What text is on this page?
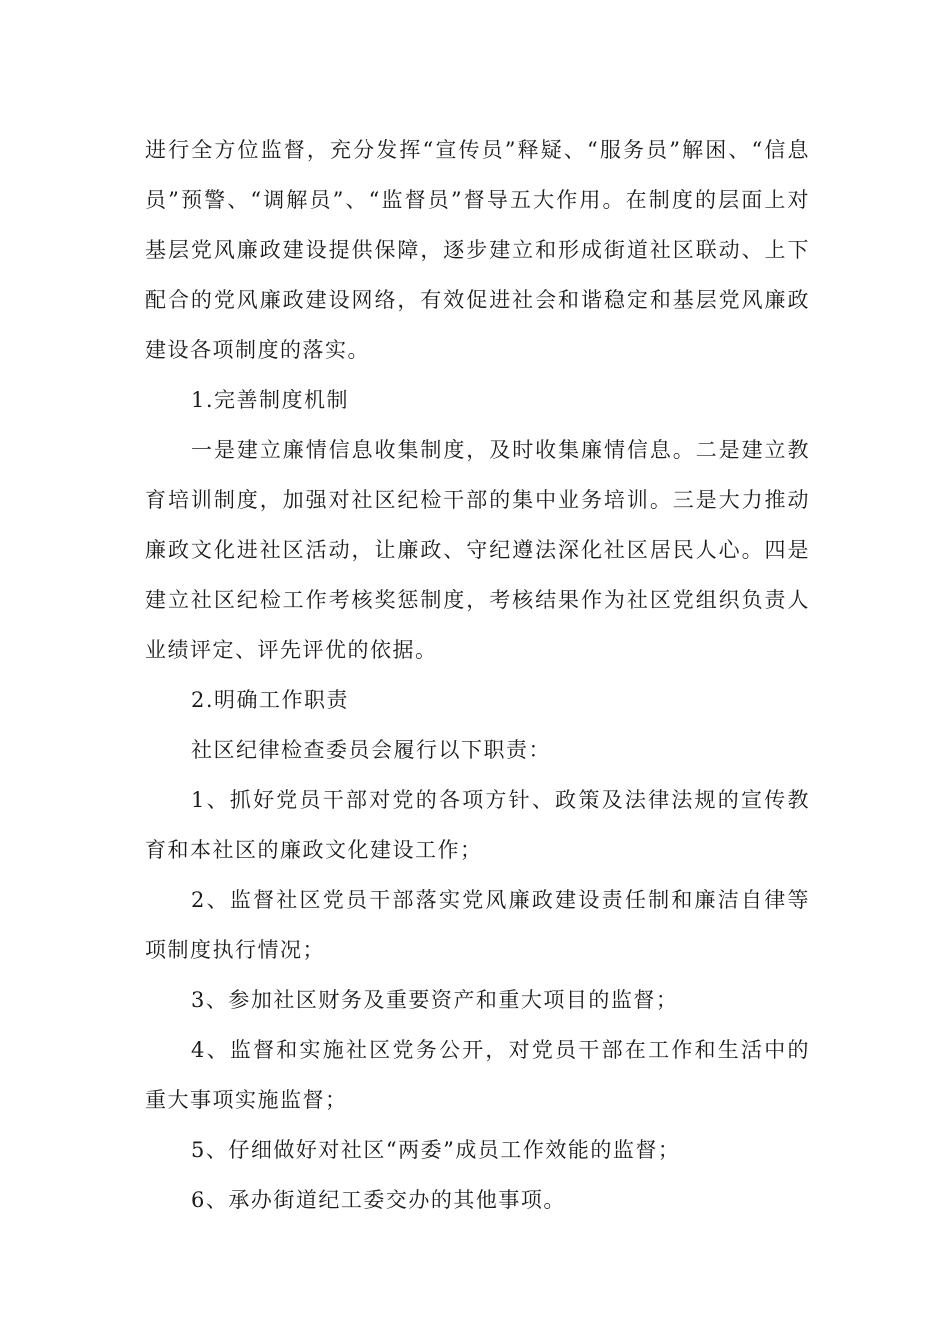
进行全方位监督，充分发挥“宣传员”释疑、“服务员”解困、“信息员”预警、“调解员”、“监督员”督导五大作用。在制度的层面上对基层党风廉政建设提供保障，逐步建立和形成街道社区联动、上下配合的党风廉政建设网络，有效促进社会和谐稳定和基层党风廉政建设各项制度的落实。

1.完善制度机制

一是建立廉情信息收集制度，及时收集廉情信息。二是建立教育培训制度，加强对社区纪检干部的集中业务培训。三是大力推动廉政文化进社区活动，让廉政、守纪遵法深化社区居民人心。四是建立社区纪检工作考核奖惩制度，考核结果作为社区党组织负责人业绩评定、评先评优的依据。

2.明确工作职责

社区纪律检查委员会履行以下职责：

1、抓好党员干部对党的各项方针、政策及法律法规的宣传教育和本社区的廉政文化建设工作；

2、监督社区党员干部落实党风廉政建设责任制和廉洁自律等项制度执行情况；

3、参加社区财务及重要资产和重大项目的监督；

4、监督和实施社区党务公开，对党员干部在工作和生活中的重大事项实施监督；

5、仔细做好对社区“两委”成员工作效能的监督；

6、承办街道纪工委交办的其他事项。
